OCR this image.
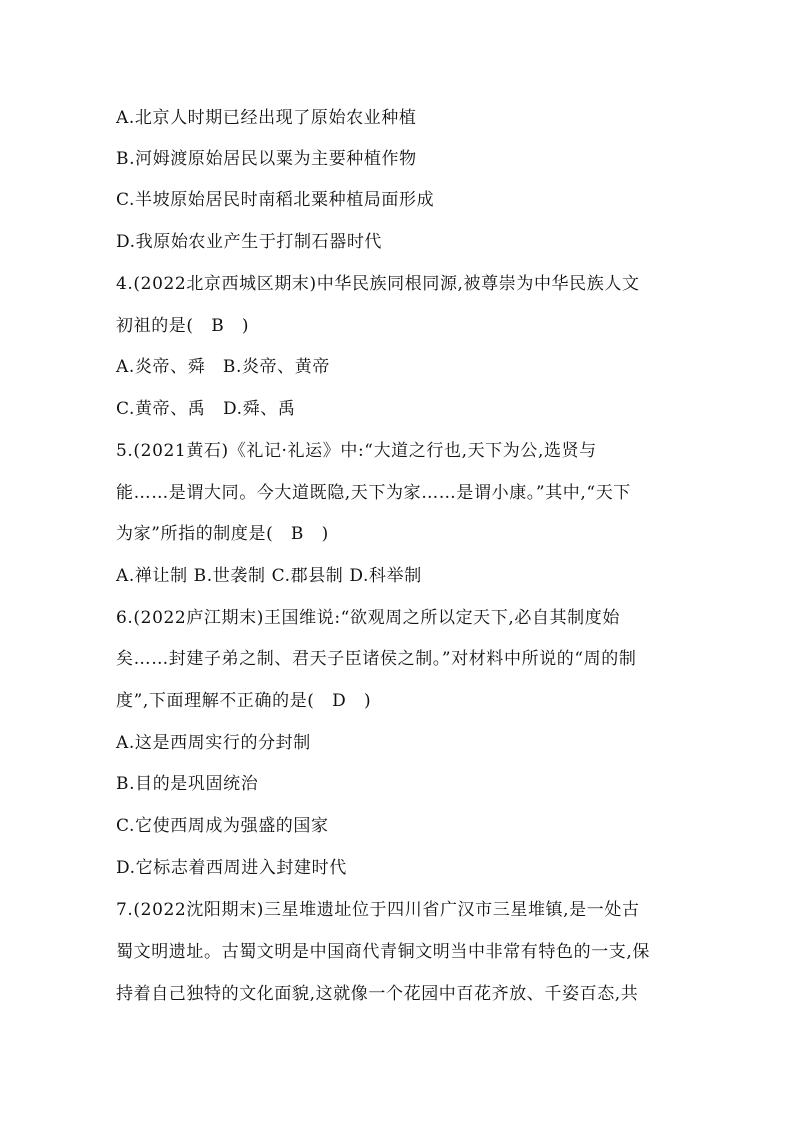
A.北京人时期已经出现了原始农业种植
B.河姆渡原始居民以粟为主要种植作物
C.半坡原始居民时南稻北粟种植局面形成
D.我原始农业产生于打制石器时代
4.(2022北京西城区期末)中华民族同根同源,被尊崇为中华民族人文
初祖的是(　B　)
A.炎帝、舜　B.炎帝、黄帝
C.黄帝、禹　D.舜、禹
5.(2021黄石)《礼记·礼运》中:“大道之行也,天下为公,选贤与
能……是谓大同。今大道既隐,天下为家……是谓小康。”其中,“天下
为家”所指的制度是(　B　)
A.禅让制 B.世袭制 C.郡县制 D.科举制
6.(2022庐江期末)王国维说:“欲观周之所以定天下,必自其制度始
矣……封建子弟之制、君天子臣诸侯之制。”对材料中所说的“周的制
度”,下面理解不正确的是(　D　)
A.这是西周实行的分封制
B.目的是巩固统治
C.它使西周成为强盛的国家
D.它标志着西周进入封建时代
7.(2022沈阳期末)三星堆遗址位于四川省广汉市三星堆镇,是一处古
蜀文明遗址。古蜀文明是中国商代青铜文明当中非常有特色的一支,保
持着自己独特的文化面貌,这就像一个花园中百花齐放、千姿百态,共
